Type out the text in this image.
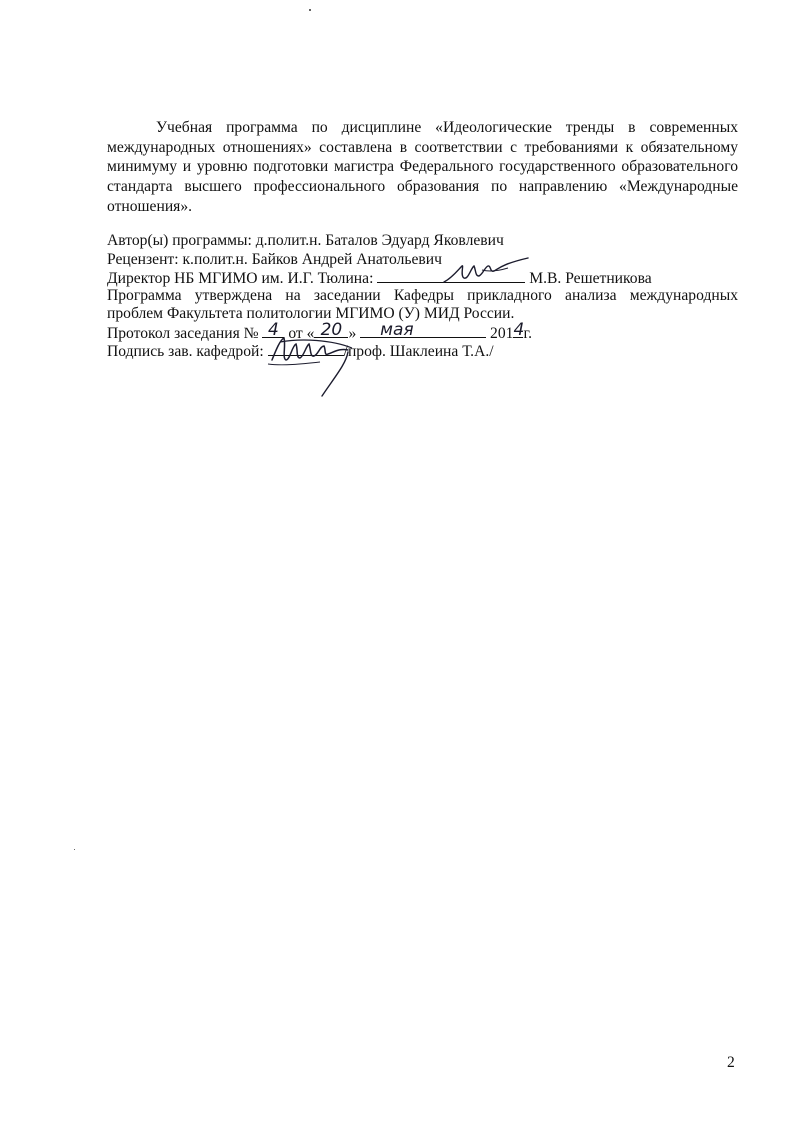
Учебная программа по дисциплине «Идеологические тренды в современных международных отношениях» составлена в соответствии с требованиями к обязательному минимуму и уровню подготовки магистра Федерального государственного образовательного стандарта высшего профессионального образования по направлению «Международные отношения».

Автор(ы) программы: д.полит.н. Баталов Эдуард Яковлевич

Рецензент: к.полит.н. Байков Андрей Анатольевич

Директор НБ МГИМО им. И.Г. Тюлина:	М.В. Решетникова

Программа утверждена на заседании Кафедры прикладного анализа международных

проблем Факультета политологии МГИМО (У) МИД России.

Протокол заседания № 4 от « 20 » мая	201 4 г.

Подпись зав. кафедрой:	/проф. Шаклеина Т.А./

2
